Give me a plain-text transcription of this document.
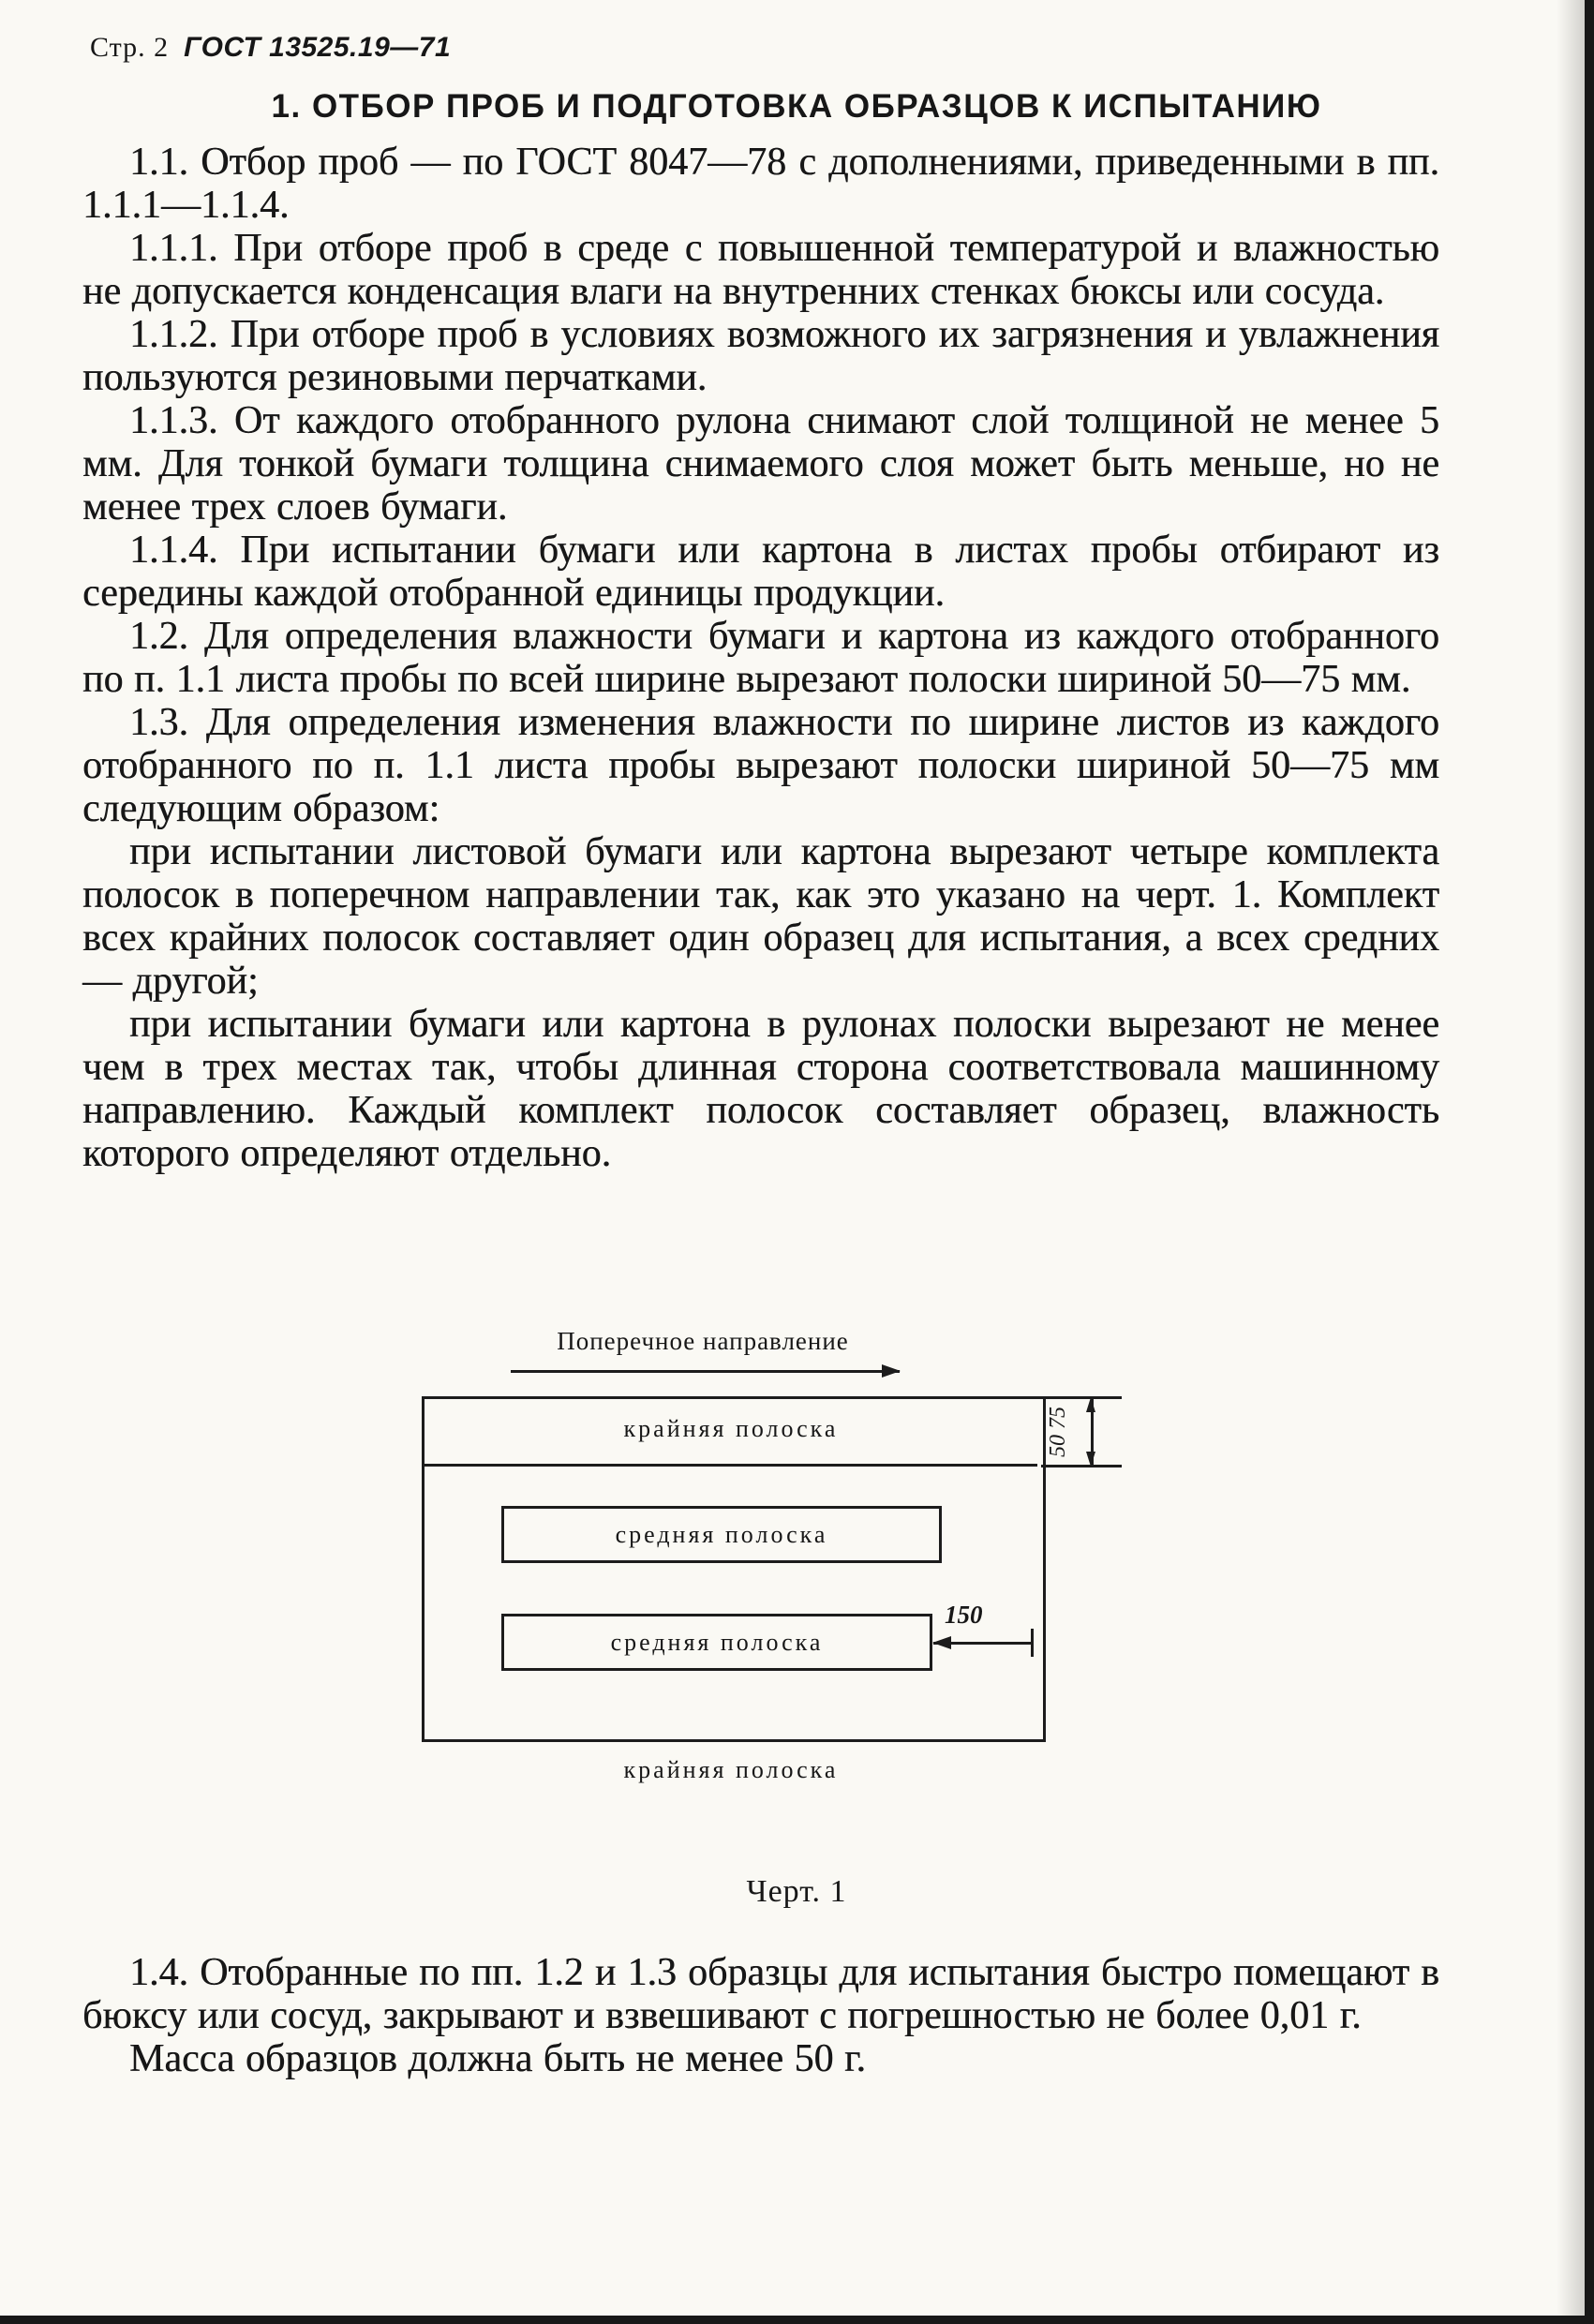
Стр. 2 ГОСТ 13525.19—71
1. ОТБОР ПРОБ И ПОДГОТОВКА ОБРАЗЦОВ К ИСПЫТАНИЮ

1.1. Отбор проб — по ГОСТ 8047—78 с дополнениями, приведенными в пп. 1.1.1—1.1.4.

1.1.1. При отборе проб в среде с повышенной температурой и влажностью не допускается конденсация влаги на внутренних стенках бюксы или сосуда.

1.1.2. При отборе проб в условиях возможного их загрязнения и увлажнения пользуются резиновыми перчатками.

1.1.3. От каждого отобранного рулона снимают слой толщиной не менее 5 мм. Для тонкой бумаги толщина снимаемого слоя может быть меньше, но не менее трех слоев бумаги.

1.1.4. При испытании бумаги или картона в листах пробы отбирают из середины каждой отобранной единицы продукции.

1.2. Для определения влажности бумаги и картона из каждого отобранного по п. 1.1 листа пробы по всей ширине вырезают полоски шириной 50—75 мм.

1.3. Для определения изменения влажности по ширине листов из каждого отобранного по п. 1.1 листа пробы вырезают полоски шириной 50—75 мм следующим образом:

при испытании листовой бумаги или картона вырезают четыре комплекта полосок в поперечном направлении так, как это указано на черт. 1. Комплект всех крайних полосок составляет один образец для испытания, а всех средних — другой;

при испытании бумаги или картона в рулонах полоски вырезают не менее чем в трех местах так, чтобы длинная сторона соответствовала машинному направлению. Каждый комплект полосок составляет образец, влажность которого определяют отдельно.

Поперечное направление
крайняя полоска	50 75
средняя полоска
средняя полоска
150
крайняя полоска
Черт. 1

1.4. Отобранные по пп. 1.2 и 1.3 образцы для испытания быстро помещают в бюксу или сосуд, закрывают и взвешивают с погрешностью не более 0,01 г.

Масса образцов должна быть не менее 50 г.
